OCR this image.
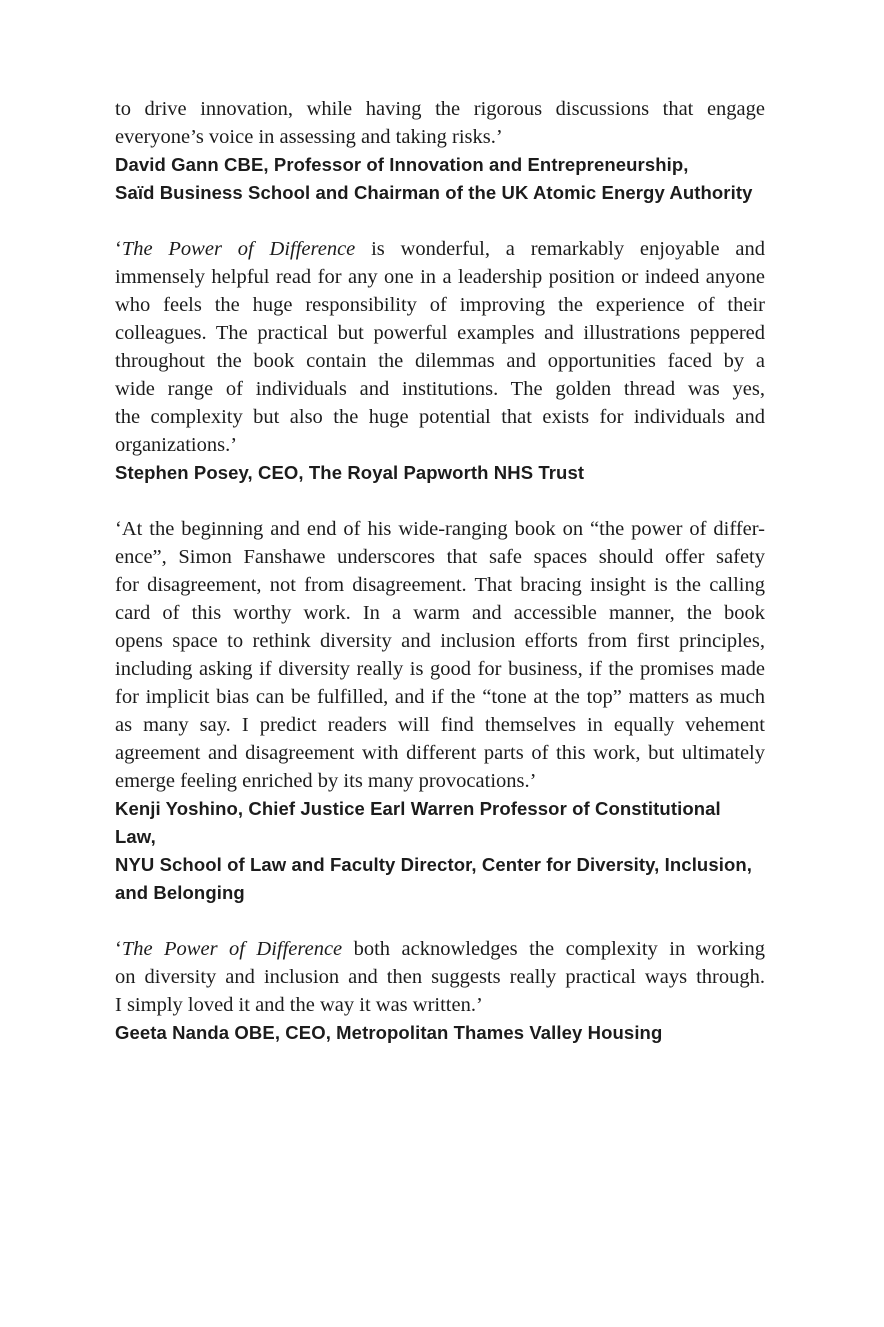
to drive innovation, while having the rigorous discussions that engage
everyone’s voice in assessing and taking risks.’
David Gann CBE, Professor of Innovation and Entrepreneurship,
Saïd Business School and Chairman of the UK Atomic Energy Authority
‘The Power of Difference is wonderful, a remarkably enjoyable and
immensely helpful read for any one in a leadership position or indeed anyone
who feels the huge responsibility of improving the experience of their
colleagues. The practical but powerful examples and illustrations peppered
throughout the book contain the dilemmas and opportunities faced by a
wide range of individuals and institutions. The golden thread was yes,
the complexity but also the huge potential that exists for individuals and
organizations.’
Stephen Posey, CEO, The Royal Papworth NHS Trust
‘At the beginning and end of his wide-ranging book on “the power of differ-
ence”, Simon Fanshawe underscores that safe spaces should offer safety
for disagreement, not from disagreement. That bracing insight is the calling
card of this worthy work. In a warm and accessible manner, the book
opens space to rethink diversity and inclusion efforts from first principles,
including asking if diversity really is good for business, if the promises made
for implicit bias can be fulfilled, and if the “tone at the top” matters as much
as many say. I predict readers will find themselves in equally vehement
agreement and disagreement with different parts of this work, but ultimately
emerge feeling enriched by its many provocations.’
Kenji Yoshino, Chief Justice Earl Warren Professor of Constitutional Law,
NYU School of Law and Faculty Director, Center for Diversity, Inclusion,
and Belonging
‘The Power of Difference both acknowledges the complexity in working
on diversity and inclusion and then suggests really practical ways through.
I simply loved it and the way it was written.’
Geeta Nanda OBE, CEO, Metropolitan Thames Valley Housing
